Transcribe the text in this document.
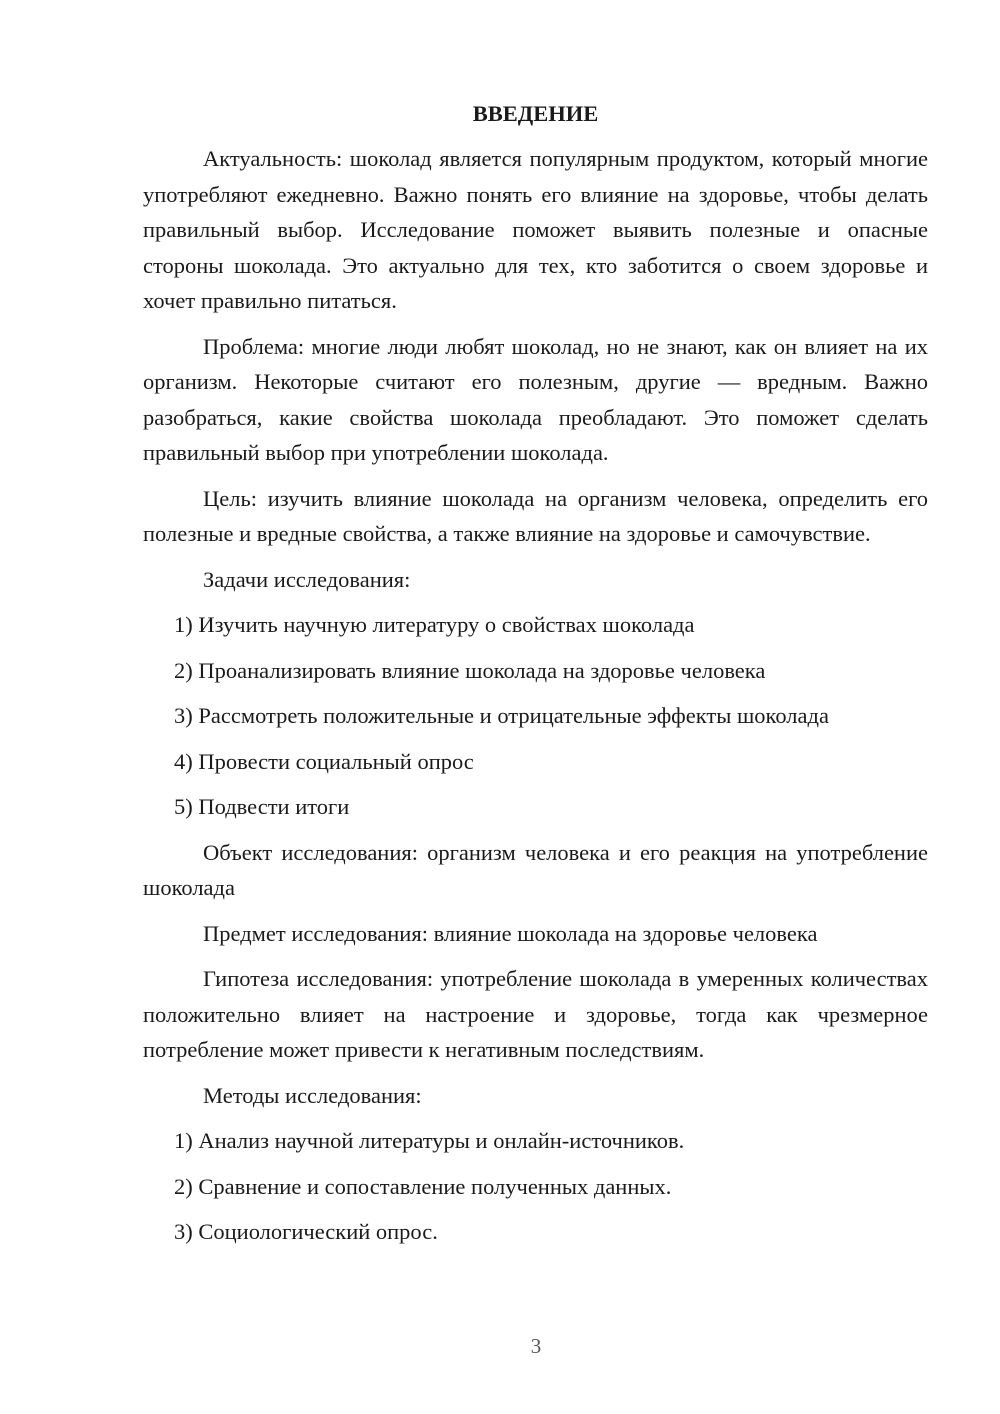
ВВЕДЕНИЕ

Актуальность: шоколад является популярным продуктом, который многие употребляют ежедневно. Важно понять его влияние на здоровье, чтобы делать правильный выбор. Исследование поможет выявить полезные и опасные стороны шоколада. Это актуально для тех, кто заботится о своем здоровье и хочет правильно питаться.

Проблема: многие люди любят шоколад, но не знают, как он влияет на их организм. Некоторые считают его полезным, другие — вредным. Важно разобраться, какие свойства шоколада преобладают. Это поможет сделать правильный выбор при употреблении шоколада.

Цель: изучить влияние шоколада на организм человека, определить его полезные и вредные свойства, а также влияние на здоровье и самочувствие.

Задачи исследования:

1) Изучить научную литературу о свойствах шоколада

2) Проанализировать влияние шоколада на здоровье человека

3) Рассмотреть положительные и отрицательные эффекты шоколада

4) Провести социальный опрос

5) Подвести итоги

Объект исследования: организм человека и его реакция на употребление шоколада

Предмет исследования: влияние шоколада на здоровье человека

Гипотеза исследования: употребление шоколада в умеренных количествах положительно влияет на настроение и здоровье, тогда как чрезмерное потребление может привести к негативным последствиям.

Методы исследования:

1) Анализ научной литературы и онлайн-источников.

2) Сравнение и сопоставление полученных данных.

3) Социологический опрос.

3
